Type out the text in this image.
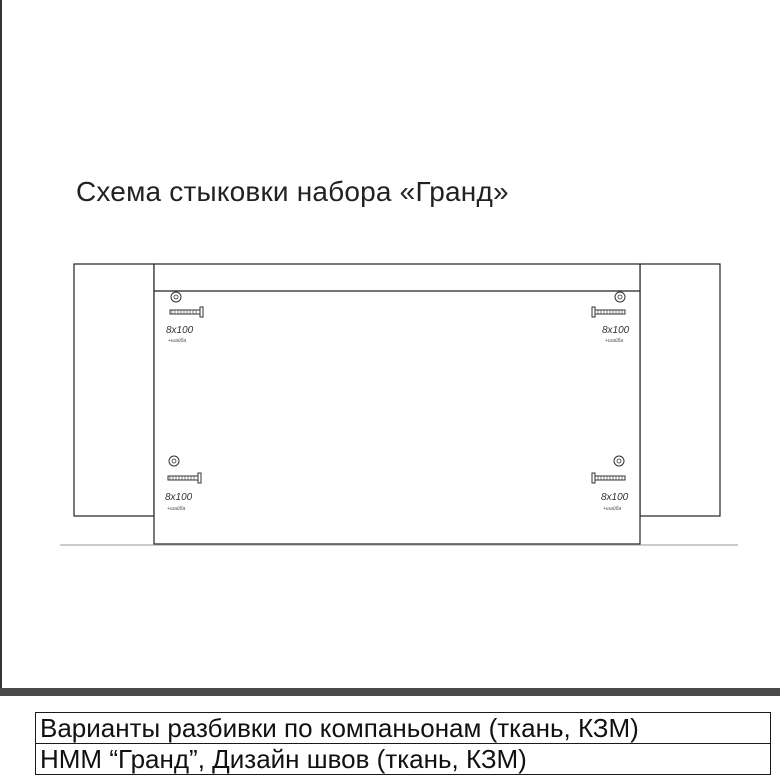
Схема стыковки набора «Гранд»
8x100
+шайба
8x100
+шайба
8x100
+шайба
8x100
+шайба
Варианты разбивки по компаньонам (ткань, КЗМ)
НММ “Гранд”, Дизайн швов (ткань, КЗМ)
